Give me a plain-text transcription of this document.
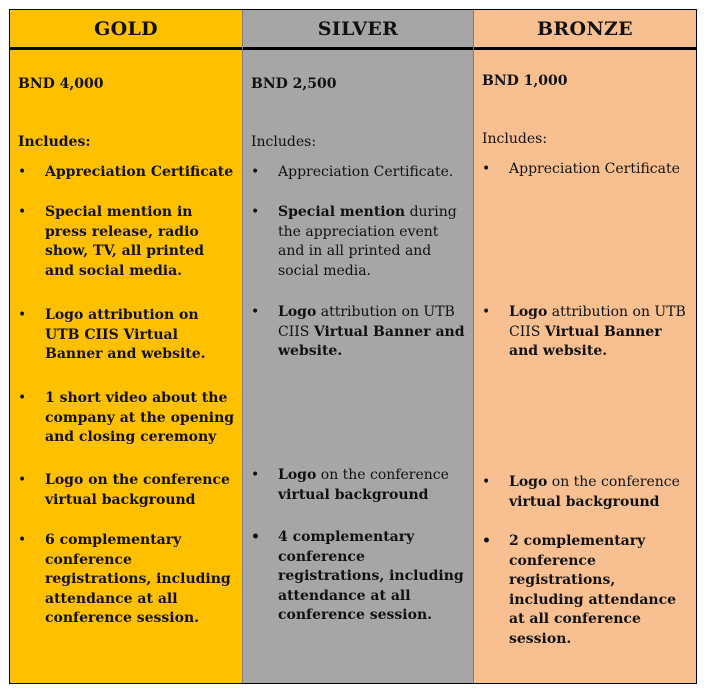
GOLD
BND 4,000
Includes:
•	Appreciation Certificate
•	Special mention in press release, radio show, TV, all printed and social media.
•	Logo attribution on UTB CIIS Virtual Banner and website.
•	1 short video about the company at the opening and closing ceremony
•	Logo on the conference virtual background
•	6 complementary conference registrations, including attendance at all conference session.
SILVER
BND 2,500
Includes:
•	Appreciation Certificate.
•	Special mention during the appreciation event and in all printed and social media.
•	Logo attribution on UTB CIIS Virtual Banner and website.
•	Logo on the conference virtual background
•	4 complementary conference registrations, including attendance at all conference session.
BRONZE
BND 1,000
Includes:
•	Appreciation Certificate
•	Logo attribution on UTB CIIS Virtual Banner and website.
•	Logo on the conference virtual background
•	2 complementary conference registrations, including attendance at all conference session.
